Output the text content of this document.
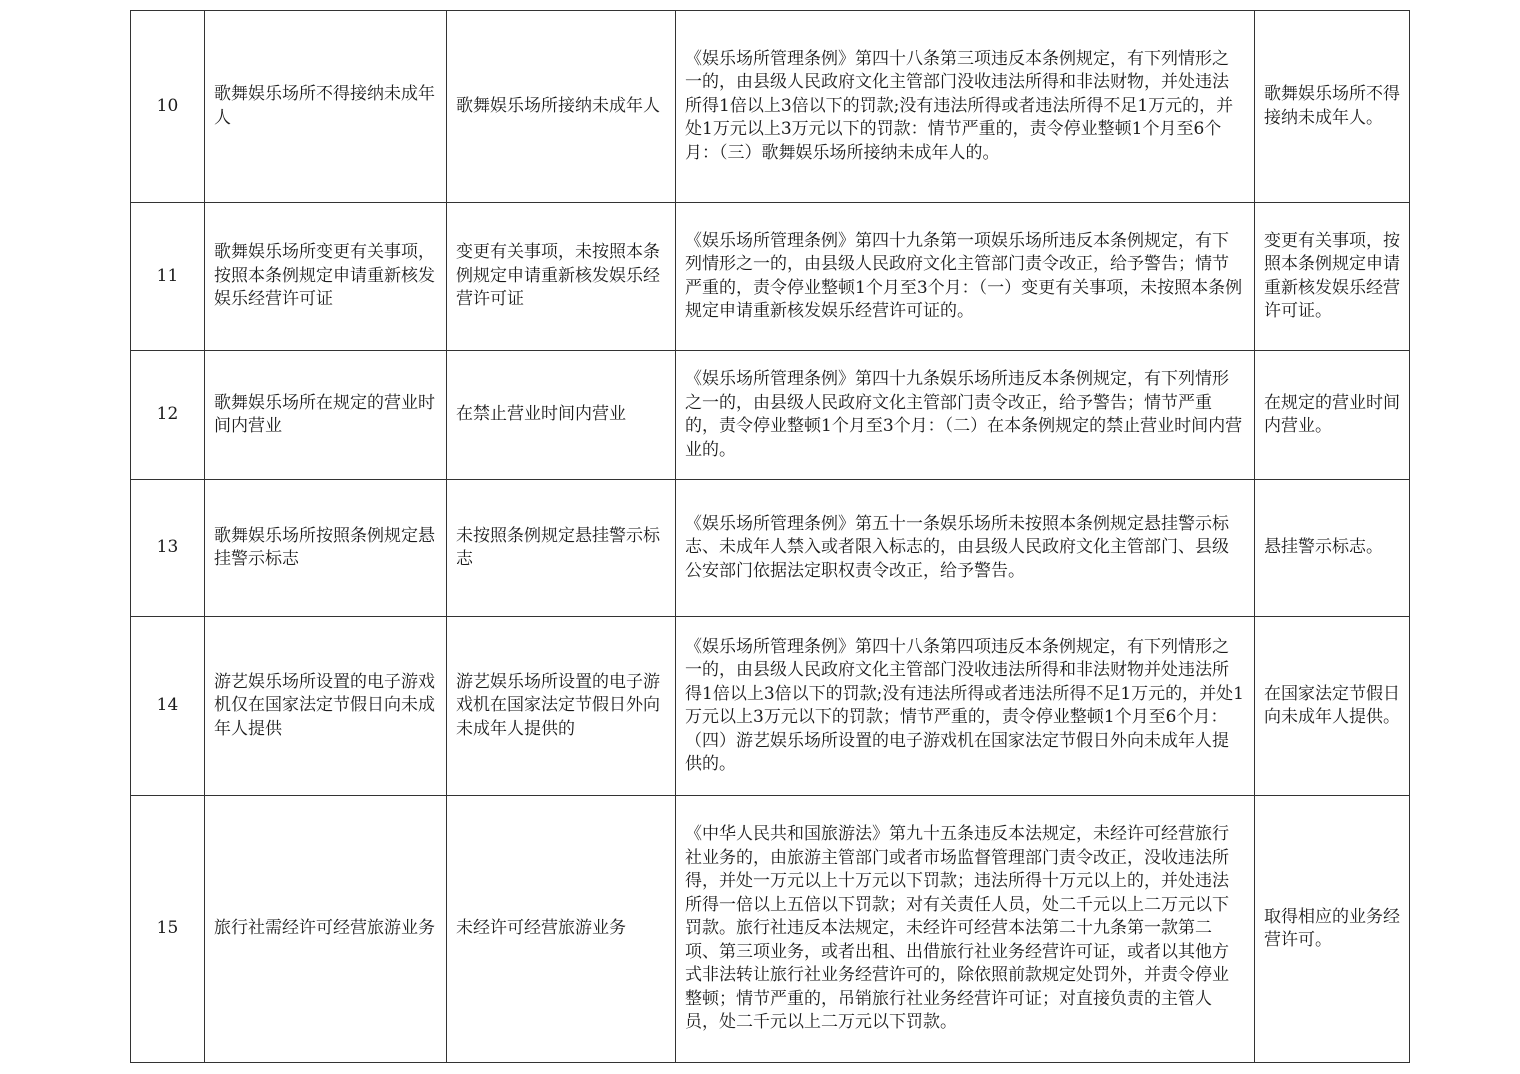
10	歌舞娱乐场所不得接纳未成年人	歌舞娱乐场所接纳未成年人	《娱乐场所管理条例》第四十八条第三项违反本条例规定，有下列情形之一的，由县级人民政府文化主管部门没收违法所得和非法财物，并处违法所得1倍以上3倍以下的罚款;没有违法所得或者违法所得不足1万元的，并处1万元以上3万元以下的罚款：情节严重的，责令停业整顿1个月至6个月：（三）歌舞娱乐场所接纳未成年人的。	歌舞娱乐场所不得接纳未成年人。

11	歌舞娱乐场所变更有关事项，按照本条例规定申请重新核发娱乐经营许可证	变更有关事项，未按照本条例规定申请重新核发娱乐经营许可证	《娱乐场所管理条例》第四十九条第一项娱乐场所违反本条例规定，有下列情形之一的，由县级人民政府文化主管部门责令改正，给予警告；情节严重的，责令停业整顿1个月至3个月：（一）变更有关事项，未按照本条例规定申请重新核发娱乐经营许可证的。	变更有关事项，按照本条例规定申请重新核发娱乐经营许可证。

12	歌舞娱乐场所在规定的营业时间内营业	在禁止营业时间内营业	《娱乐场所管理条例》第四十九条娱乐场所违反本条例规定，有下列情形之一的，由县级人民政府文化主管部门责令改正，给予警告；情节严重的，责令停业整顿1个月至3个月：（二）在本条例规定的禁止营业时间内营业的。	在规定的营业时间内营业。

13	歌舞娱乐场所按照条例规定悬挂警示标志	未按照条例规定悬挂警示标志	《娱乐场所管理条例》第五十一条娱乐场所未按照本条例规定悬挂警示标志、未成年人禁入或者限入标志的，由县级人民政府文化主管部门、县级公安部门依据法定职权责令改正，给予警告。	悬挂警示标志。

14	游艺娱乐场所设置的电子游戏机仅在国家法定节假日向未成年人提供	游艺娱乐场所设置的电子游戏机在国家法定节假日外向未成年人提供的	《娱乐场所管理条例》第四十八条第四项违反本条例规定，有下列情形之一的，由县级人民政府文化主管部门没收违法所得和非法财物并处违法所得1倍以上3倍以下的罚款;没有违法所得或者违法所得不足1万元的，并处1万元以上3万元以下的罚款；情节严重的，责令停业整顿1个月至6个月：（四）游艺娱乐场所设置的电子游戏机在国家法定节假日外向未成年人提供的。	在国家法定节假日向未成年人提供。

15	旅行社需经许可经营旅游业务	未经许可经营旅游业务	《中华人民共和国旅游法》第九十五条违反本法规定，未经许可经营旅行社业务的，由旅游主管部门或者市场监督管理部门责令改正，没收违法所得，并处一万元以上十万元以下罚款；违法所得十万元以上的，并处违法所得一倍以上五倍以下罚款；对有关责任人员，处二千元以上二万元以下罚款。旅行社违反本法规定，未经许可经营本法第二十九条第一款第二项、第三项业务，或者出租、出借旅行社业务经营许可证，或者以其他方式非法转让旅行社业务经营许可的，除依照前款规定处罚外，并责令停业整顿；情节严重的，吊销旅行社业务经营许可证；对直接负责的主管人员，处二千元以上二万元以下罚款。	取得相应的业务经营许可。
